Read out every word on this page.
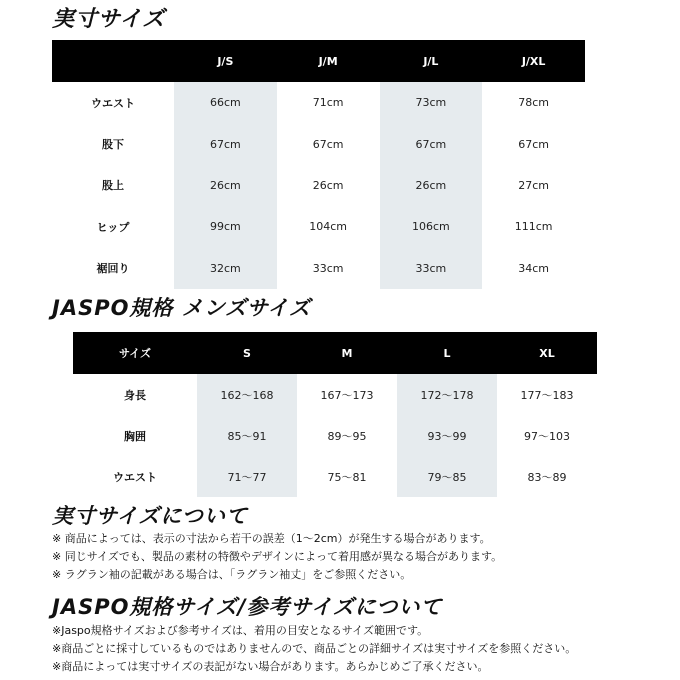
実寸サイズ
	J/S	J/M	J/L	J/XL
ウエスト	66cm	71cm	73cm	78cm
股下	67cm	67cm	67cm	67cm
股上	26cm	26cm	26cm	27cm
ヒップ	99cm	104cm	106cm	111cm
裾回り	32cm	33cm	33cm	34cm
JASPO規格 メンズサイズ
サイズ	S	M	L	XL
身長	162〜168	167〜173	172〜178	177〜183
胸囲	85〜91	89〜95	93〜99	97〜103
ウエスト	71〜77	75〜81	79〜85	83〜89
実寸サイズについて
※ 商品によっては、表示の寸法から若干の誤差（1〜2cm）が発生する場合があります。
※ 同じサイズでも、製品の素材の特徴やデザインによって着用感が異なる場合があります。
※ ラグラン袖の記載がある場合は、「ラグラン袖丈」をご参照ください。
JASPO規格サイズ/参考サイズについて
※Jaspo規格サイズおよび参考サイズは、着用の目安となるサイズ範囲です。
※商品ごとに採寸しているものではありませんので、商品ごとの詳細サイズは実寸サイズを参照ください。
※商品によっては実寸サイズの表記がない場合があります。あらかじめご了承ください。
